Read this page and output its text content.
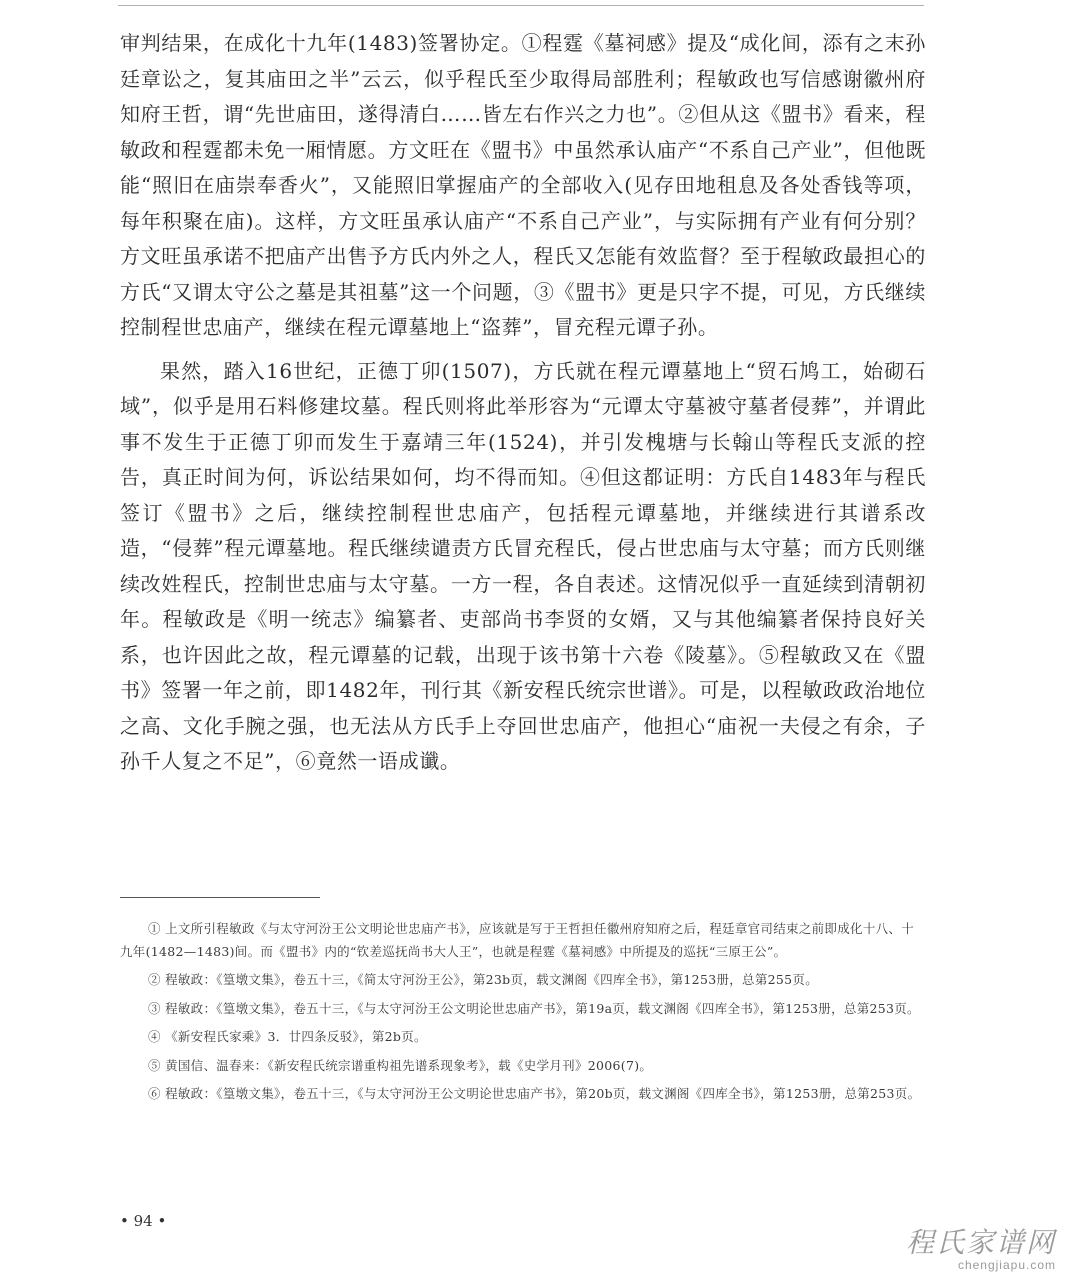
审判结果，在成化十九年(1483)签署协定。①程霆《墓祠感》提及“成化间，添有之末孙廷章讼之，复其庙田之半”云云，似乎程氏至少取得局部胜利；程敏政也写信感谢徽州府知府王哲，谓“先世庙田，遂得清白……皆左右作兴之力也”。②但从这《盟书》看来，程敏政和程霆都未免一厢情愿。方文旺在《盟书》中虽然承认庙产“不系自己产业”，但他既能“照旧在庙崇奉香火”，又能照旧掌握庙产的全部收入(见存田地租息及各处香钱等项，每年积聚在庙)。这样，方文旺虽承认庙产“不系自己产业”，与实际拥有产业有何分别？方文旺虽承诺不把庙产出售予方氏内外之人，程氏又怎能有效监督？至于程敏政最担心的方氏“又谓太守公之墓是其祖墓”这一个问题，③《盟书》更是只字不提，可见，方氏继续控制程世忠庙产，继续在程元谭墓地上“盗葬”，冒充程元谭子孙。

果然，踏入16世纪，正德丁卯(1507)，方氏就在程元谭墓地上“贸石鸠工，始砌石域”，似乎是用石料修建坟墓。程氏则将此举形容为“元谭太守墓被守墓者侵葬”，并谓此事不发生于正德丁卯而发生于嘉靖三年(1524)，并引发槐塘与长翰山等程氏支派的控告，真正时间为何，诉讼结果如何，均不得而知。④但这都证明：方氏自1483年与程氏签订《盟书》之后，继续控制程世忠庙产，包括程元谭墓地，并继续进行其谱系改造，“侵葬”程元谭墓地。程氏继续谴责方氏冒充程氏，侵占世忠庙与太守墓；而方氏则继续改姓程氏，控制世忠庙与太守墓。一方一程，各自表述。这情况似乎一直延续到清朝初年。程敏政是《明一统志》编纂者、吏部尚书李贤的女婿，又与其他编纂者保持良好关系，也许因此之故，程元谭墓的记载，出现于该书第十六卷《陵墓》。⑤程敏政又在《盟书》签署一年之前，即1482年，刊行其《新安程氏统宗世谱》。可是，以程敏政政治地位之高、文化手腕之强，也无法从方氏手上夺回世忠庙产，他担心“庙祝一夫侵之有余，子孙千人复之不足”，⑥竟然一语成谶。

① 上文所引程敏政《与太守河汾王公文明论世忠庙产书》，应该就是写于王哲担任徽州府知府之后，程廷章官司结束之前即成化十八、十九年(1482—1483)间。而《盟书》内的“钦差巡抚尚书大人王”，也就是程霆《墓祠感》中所提及的巡抚“三原王公”。

② 程敏政：《篁墩文集》，卷五十三，《简太守河汾王公》，第23b页，载文渊阁《四库全书》，第1253册，总第255页。

③ 程敏政：《篁墩文集》，卷五十三，《与太守河汾王公文明论世忠庙产书》，第19a页，载文渊阁《四库全书》，第1253册，总第253页。

④ 《新安程氏家乘》3．廿四条反驳》，第2b页。

⑤ 黄国信、温春来：《新安程氏统宗谱重构祖先谱系现象考》，载《史学月刊》2006(7)。

⑥ 程敏政：《篁墩文集》，卷五十三，《与太守河汾王公文明论世忠庙产书》，第20b页，载文渊阁《四库全书》，第1253册，总第253页。

• 94 •
程氏家谱网
chengjiapu.com
